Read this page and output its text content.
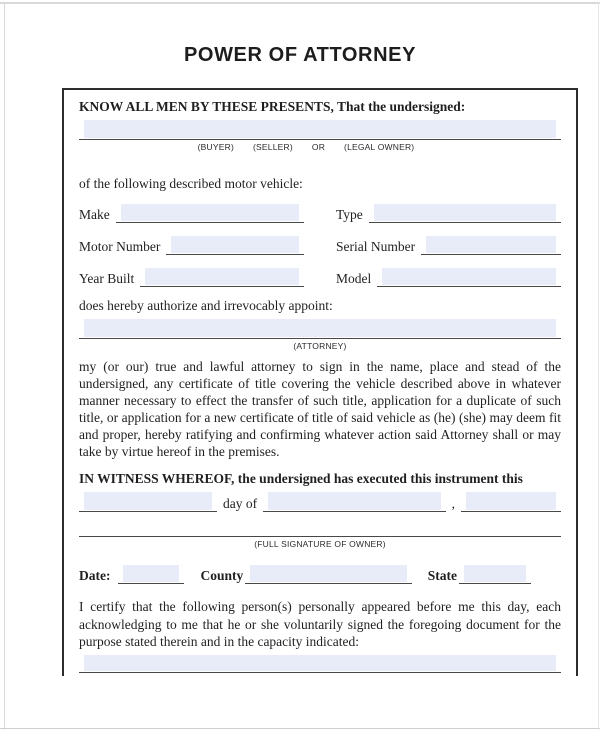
POWER OF ATTORNEY
KNOW ALL MEN BY THESE PRESENTS, That the undersigned:
(BUYER) (SELLER) OR (LEGAL OWNER)
of the following described motor vehicle:
Make	Type
Motor Number	Serial Number
Year Built	Model
does hereby authorize and irrevocably appoint:
(ATTORNEY)
my (or our) true and lawful attorney to sign in the name, place and stead of the undersigned, any certificate of title covering the vehicle described above in whatever manner necessary to effect the transfer of such title, application for a duplicate of such title, or application for a new certificate of title of said vehicle as (he) (she) may deem fit and proper, hereby ratifying and confirming whatever action said Attorney shall or may take by virtue hereof in the premises.
IN WITNESS WHEREOF, the undersigned has executed this instrument this
day of	,
(FULL SIGNATURE OF OWNER)
Date:	County	State
I certify that the following person(s) personally appeared before me this day, each acknowledging to me that he or she voluntarily signed the foregoing document for the purpose stated therein and in the capacity indicated:
